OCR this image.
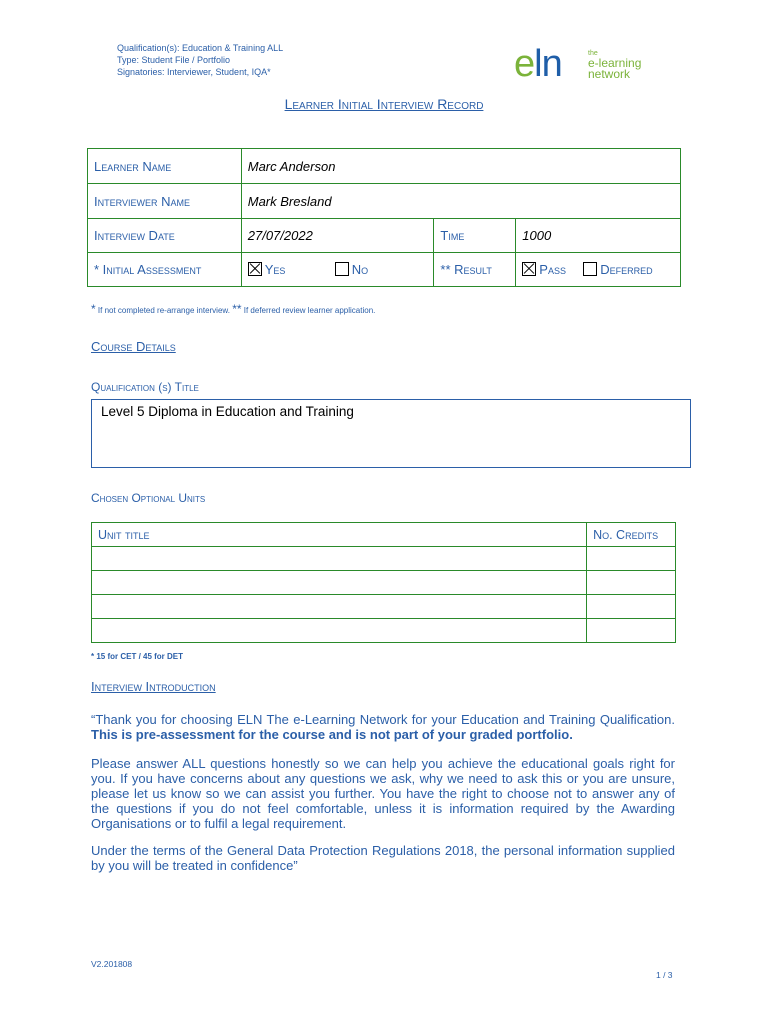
Qualification(s): Education & Training ALL
Type: Student File / Portfolio
Signatories: Interviewer, Student, IQA*	eln	the
e-learning
network
Learner Initial Interview Record
Learner Name	Marc Anderson		
Interviewer Name	Mark Bresland		
Interview Date	27/07/2022	Time	1000
* Initial Assessment	Yes No	** Result	Pass Deferred
* If not completed re-arrange interview. ** If deferred review learner application.
Course Details
Qualification (s) Title
Level 5 Diploma in Education and Training
Chosen Optional Units
Unit title	No. Credits

* 15 for CET / 45 for DET
Interview Introduction
“Thank you for choosing ELN The e-Learning Network for your Education and Training Qualification. This is pre-assessment for the course and is not part of your graded portfolio.
Please answer ALL questions honestly so we can help you achieve the educational goals right for you. If you have concerns about any questions we ask, why we need to ask this or you are unsure, please let us know so we can assist you further. You have the right to choose not to answer any of the questions if you do not feel comfortable, unless it is information required by the Awarding Organisations or to fulfil a legal requirement.
Under the terms of the General Data Protection Regulations 2018, the personal information supplied by you will be treated in confidence”
V2.201808
1 / 3
